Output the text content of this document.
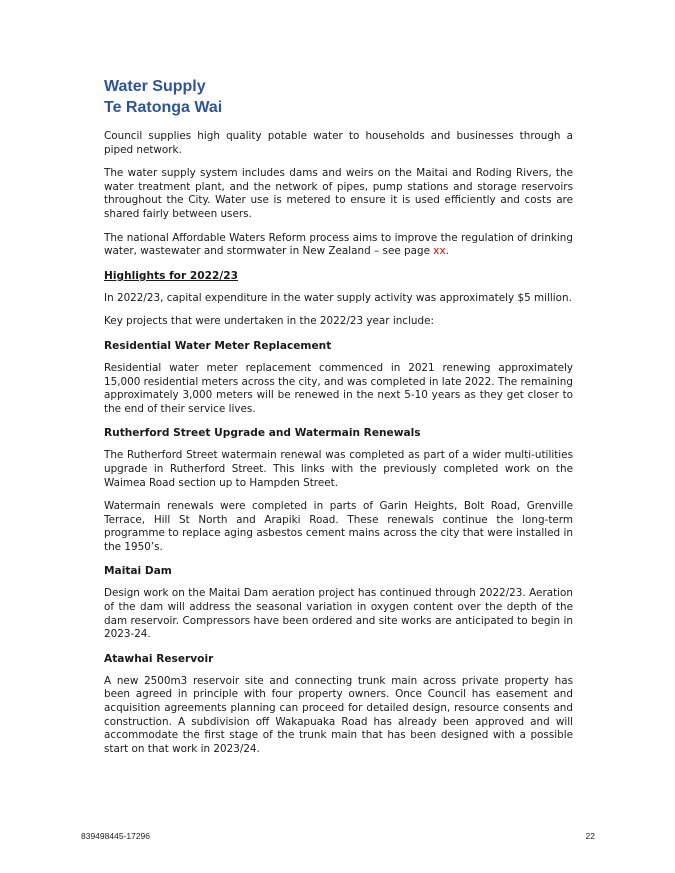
Water Supply
Te Ratonga Wai

Council supplies high quality potable water to households and businesses through a piped network.

The water supply system includes dams and weirs on the Maitai and Roding Rivers, the water treatment plant, and the network of pipes, pump stations and storage reservoirs throughout the City. Water use is metered to ensure it is used efficiently and costs are shared fairly between users.

The national Affordable Waters Reform process aims to improve the regulation of drinking water, wastewater and stormwater in New Zealand – see page xx.

Highlights for 2022/23

In 2022/23, capital expenditure in the water supply activity was approximately $5 million.

Key projects that were undertaken in the 2022/23 year include:

Residential Water Meter Replacement

Residential water meter replacement commenced in 2021 renewing approximately 15,000 residential meters across the city, and was completed in late 2022. The remaining approximately 3,000 meters will be renewed in the next 5-10 years as they get closer to the end of their service lives.

Rutherford Street Upgrade and Watermain Renewals

The Rutherford Street watermain renewal was completed as part of a wider multi-utilities upgrade in Rutherford Street. This links with the previously completed work on the Waimea Road section up to Hampden Street.

Watermain renewals were completed in parts of Garin Heights, Bolt Road, Grenville Terrace, Hill St North and Arapiki Road. These renewals continue the long-term programme to replace aging asbestos cement mains across the city that were installed in the 1950’s.

Maitai Dam

Design work on the Maitai Dam aeration project has continued through 2022/23. Aeration of the dam will address the seasonal variation in oxygen content over the depth of the dam reservoir. Compressors have been ordered and site works are anticipated to begin in 2023-24.

Atawhai Reservoir

A new 2500m3 reservoir site and connecting trunk main across private property has been agreed in principle with four property owners. Once Council has easement and acquisition agreements planning can proceed for detailed design, resource consents and construction. A subdivision off Wakapuaka Road has already been approved and will accommodate the first stage of the trunk main that has been designed with a possible start on that work in 2023/24.

839498445-17296	22
